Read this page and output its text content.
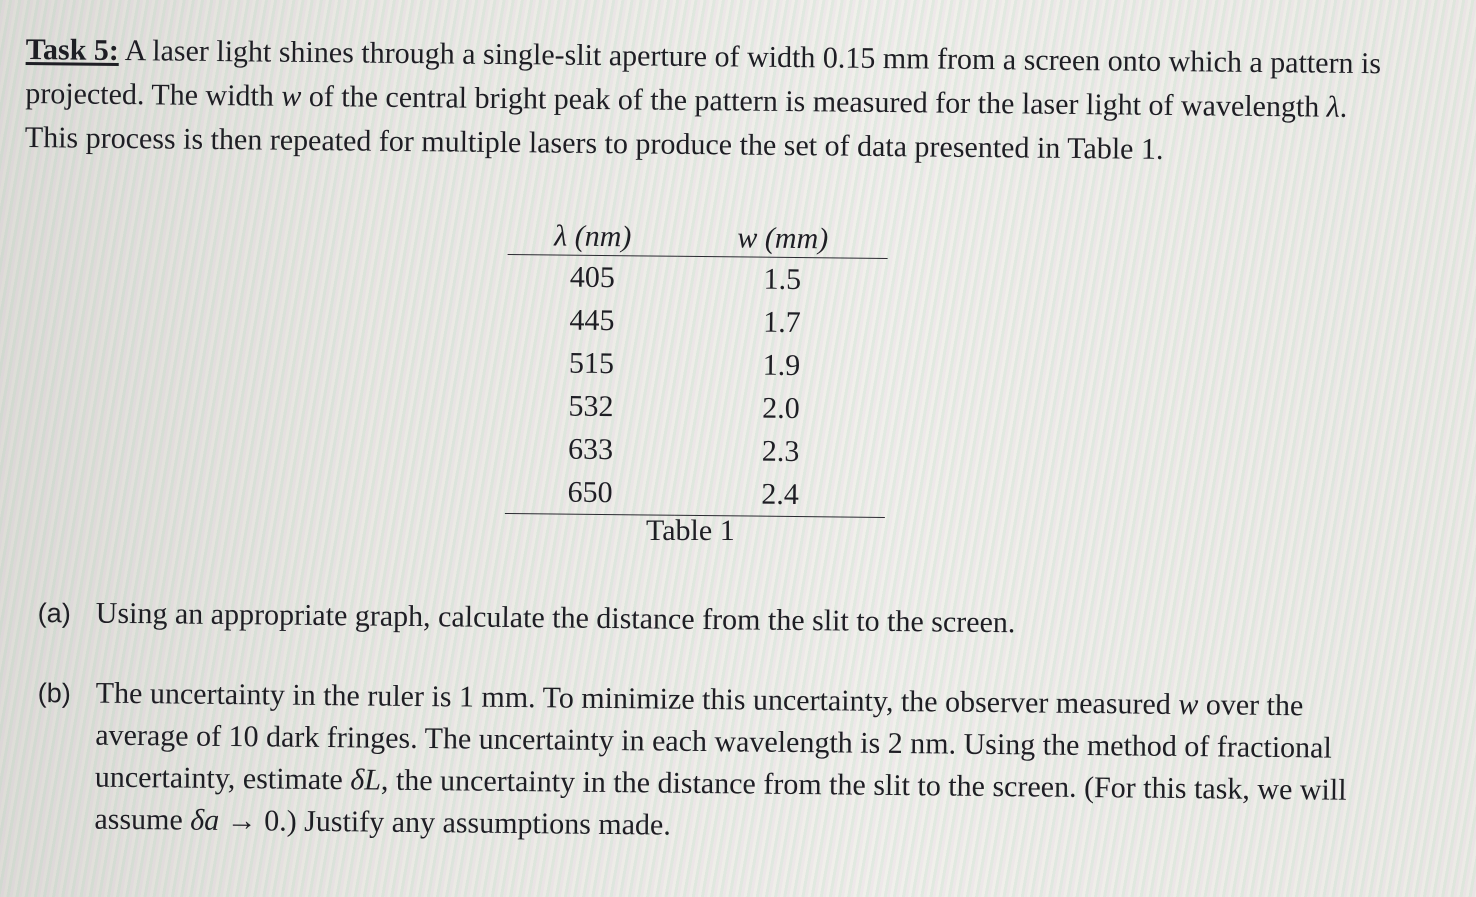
Task 5: A laser light shines through a single-slit aperture of width 0.15 mm from a screen onto which a pattern is projected. The width w of the central bright peak of the pattern is measured for the laser light of wavelength λ. This process is then repeated for multiple lasers to produce the set of data presented in Table 1.

λ (nm)	w (mm)
405	1.5
445	1.7
515	1.9
532	2.0
633	2.3
650	2.4

Table 1

(a) Using an appropriate graph, calculate the distance from the slit to the screen.
(b) The uncertainty in the ruler is 1 mm. To minimize this uncertainty, the observer measured w over the average of 10 dark fringes. The uncertainty in each wavelength is 2 nm. Using the method of fractional uncertainty, estimate δL, the uncertainty in the distance from the slit to the screen. (For this task, we will assume δa → 0.) Justify any assumptions made.
